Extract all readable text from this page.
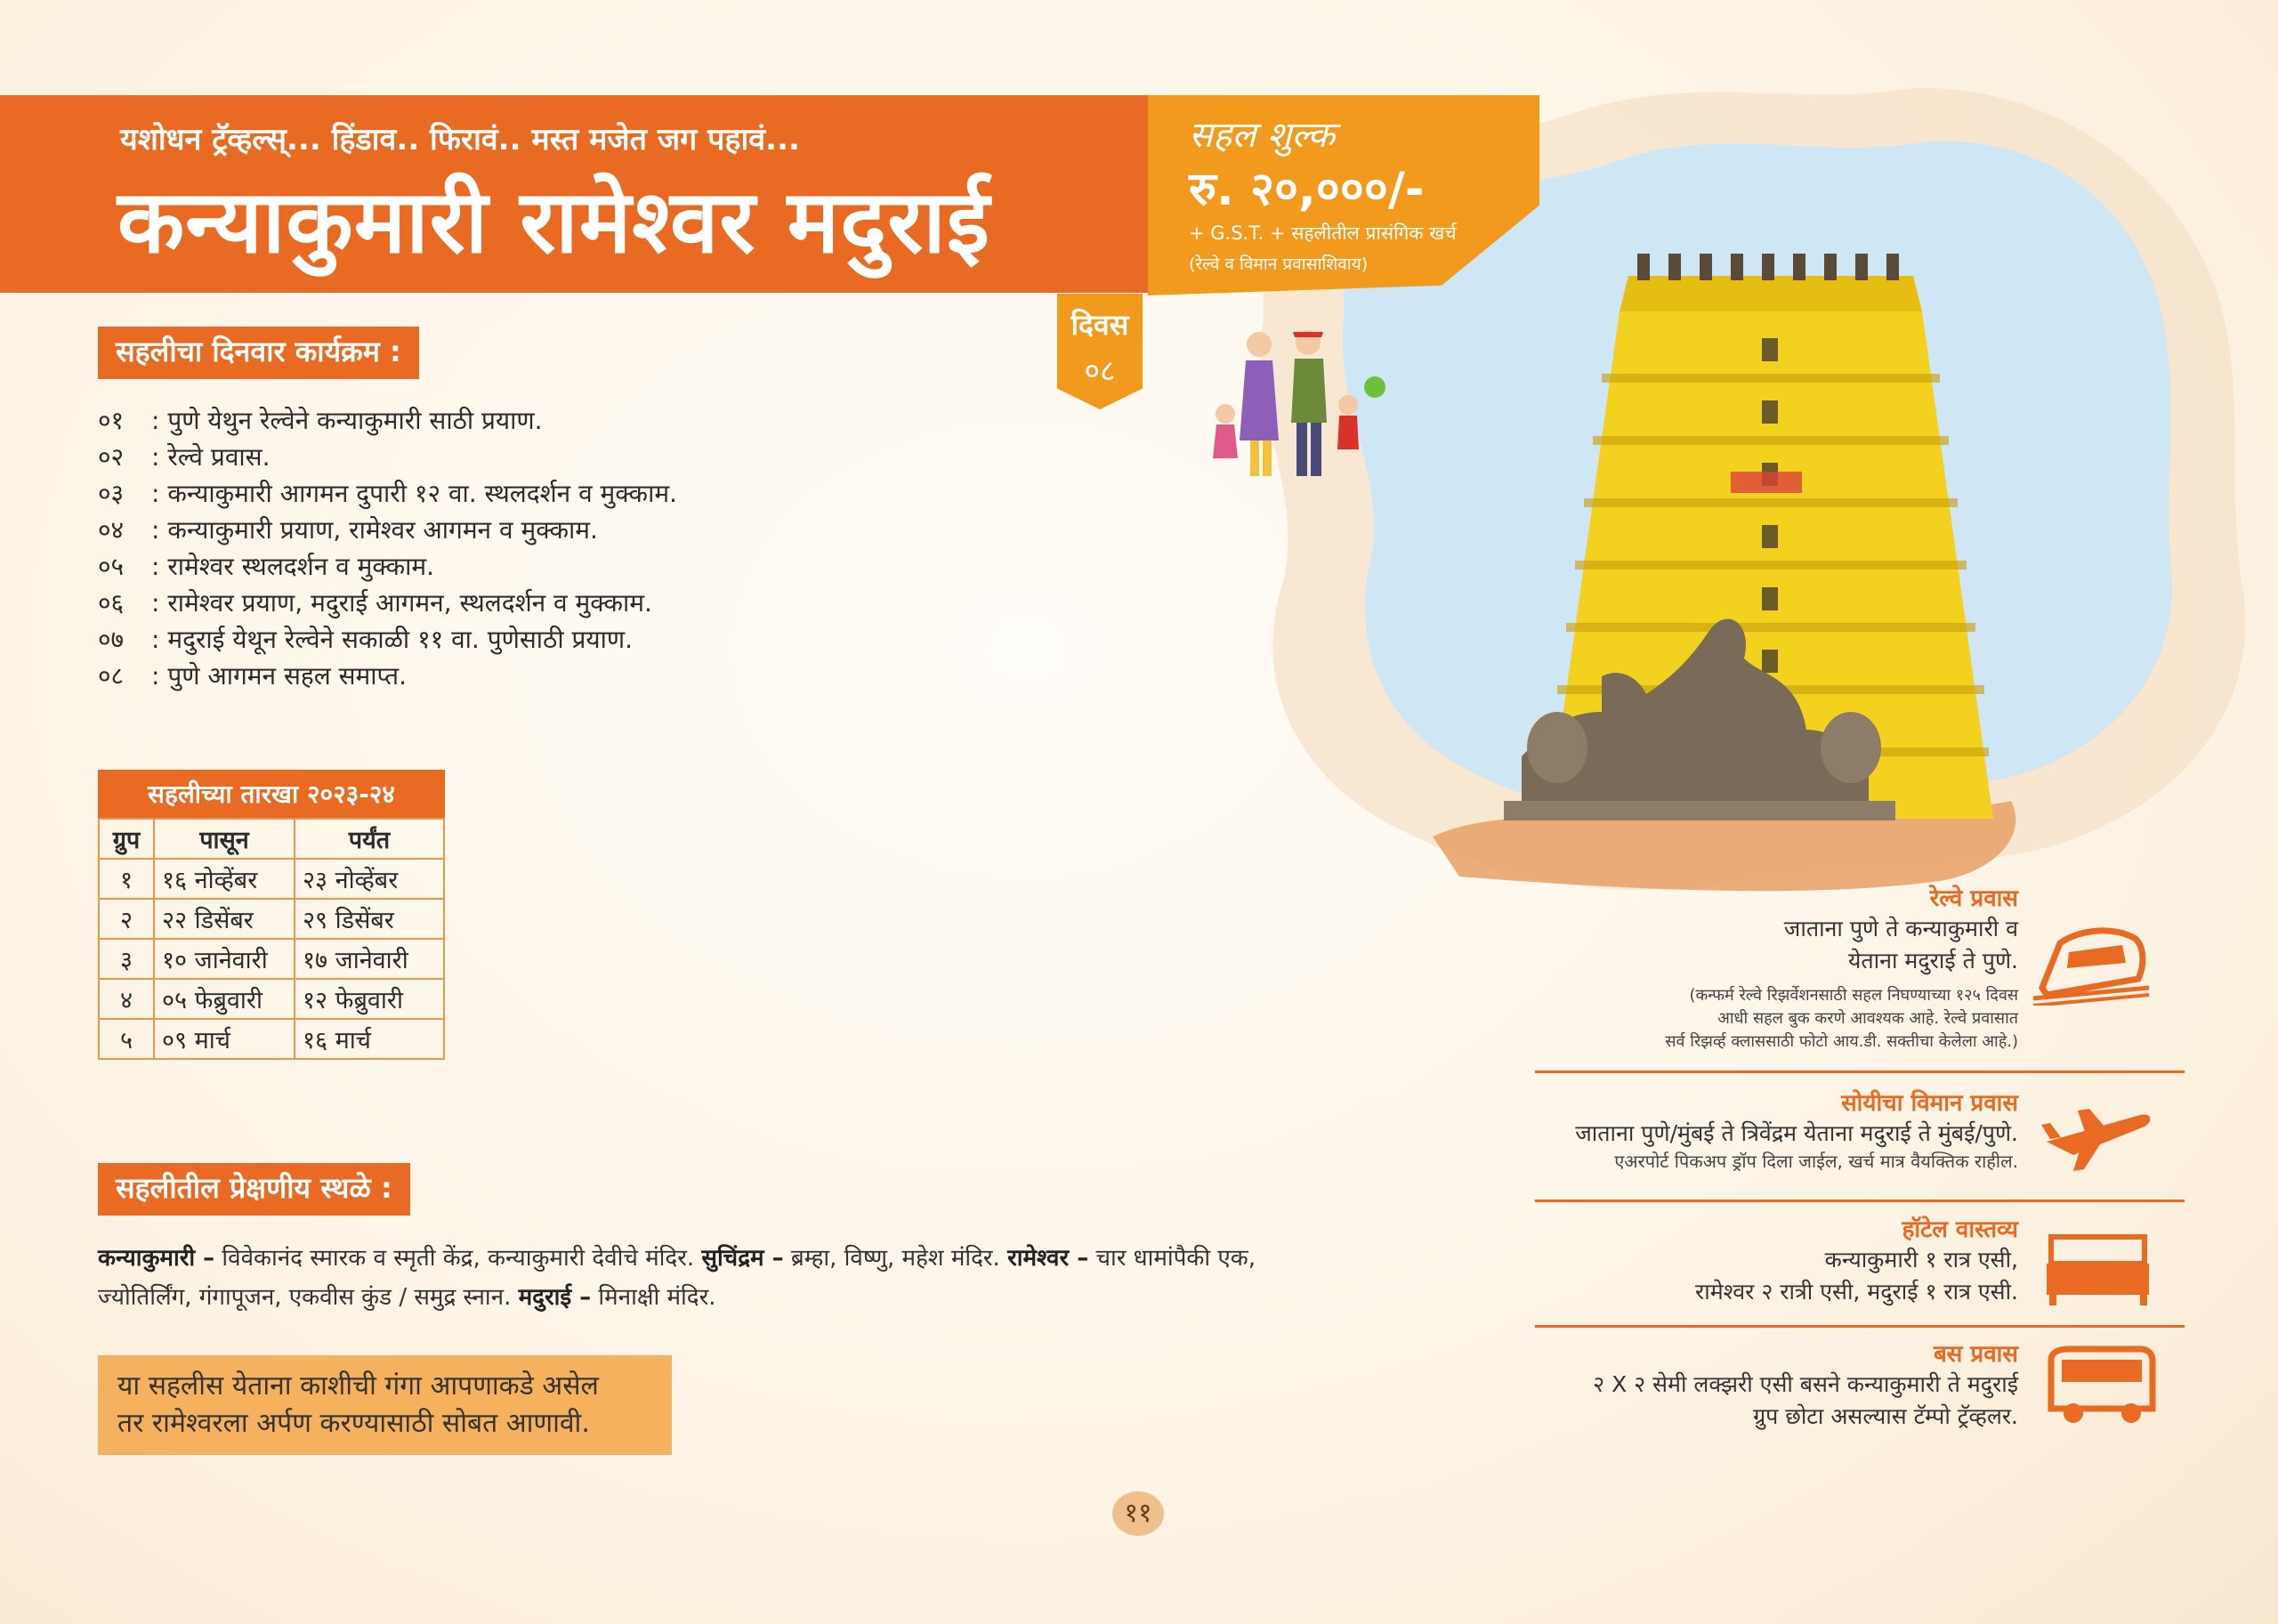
यशोधन ट्रॅव्हल्स्... हिंडाव.. फिरावं.. मस्त मजेत जग पहावं...
कन्याकुमारी रामेश्वर मदुराई
सहल शुल्क
रु. २०,०००/-
+ G.S.T. + सहलीतील प्रासंगिक खर्च
(रेल्वे व विमान प्रवासाशिवाय)
दिवस
०८
सहलीचा दिनवार कार्यक्रम :
०१ : पुणे येथुन रेल्वेने कन्याकुमारी साठी प्रयाण.
०२ : रेल्वे प्रवास.
०३ : कन्याकुमारी आगमन दुपारी १२ वा. स्थलदर्शन व मुक्काम.
०४ : कन्याकुमारी प्रयाण, रामेश्वर आगमन व मुक्काम.
०५ : रामेश्वर स्थलदर्शन व मुक्काम.
०६ : रामेश्वर प्रयाण, मदुराई आगमन, स्थलदर्शन व मुक्काम.
०७ : मदुराई येथून रेल्वेने सकाळी ११ वा. पुणेसाठी प्रयाण.
०८ : पुणे आगमन सहल समाप्त.
सहलीच्या तारखा २०२३-२४
ग्रुप	पासून	पर्यंत
१	१६ नोव्हेंबर	२३ नोव्हेंबर
२	२२ डिसेंबर	२९ डिसेंबर
३	१० जानेवारी	१७ जानेवारी
४	०५ फेब्रुवारी	१२ फेब्रुवारी
५	०९ मार्च	१६ मार्च
सहलीतील प्रेक्षणीय स्थळे :
कन्याकुमारी – विवेकानंद स्मारक व स्मृती केंद्र, कन्याकुमारी देवीचे मंदिर. सुचिंद्रम – ब्रम्हा, विष्णु, महेश मंदिर. रामेश्वर – चार धामांपैकी एक, ज्योतिर्लिंग, गंगापूजन, एकवीस कुंड / समुद्र स्नान. मदुराई – मिनाक्षी मंदिर.
या सहलीस येताना काशीची गंगा आपणाकडे असेल
तर रामेश्वरला अर्पण करण्यासाठी सोबत आणावी.
रेल्वे प्रवास
जाताना पुणे ते कन्याकुमारी व
येताना मदुराई ते पुणे.
(कन्फर्म रेल्वे रिझर्वेशनसाठी सहल निघण्याच्या १२५ दिवस
आधी सहल बुक करणे आवश्यक आहे. रेल्वे प्रवासात
सर्व रिझर्व्ह क्लाससाठी फोटो आय.डी. सक्तीचा केलेला आहे.)
सोयीचा विमान प्रवास
जाताना पुणे/मुंबई ते त्रिवेंद्रम येताना मदुराई ते मुंबई/पुणे.
एअरपोर्ट पिकअप ड्रॉप दिला जाईल, खर्च मात्र वैयक्तिक राहील.
हॉटेल वास्तव्य
कन्याकुमारी १ रात्र एसी,
रामेश्वर २ रात्री एसी, मदुराई १ रात्र एसी.
बस प्रवास
२ X २ सेमी लक्झरी एसी बसने कन्याकुमारी ते मदुराई
ग्रुप छोटा असल्यास टॅम्पो ट्रॅव्हलर.
११
